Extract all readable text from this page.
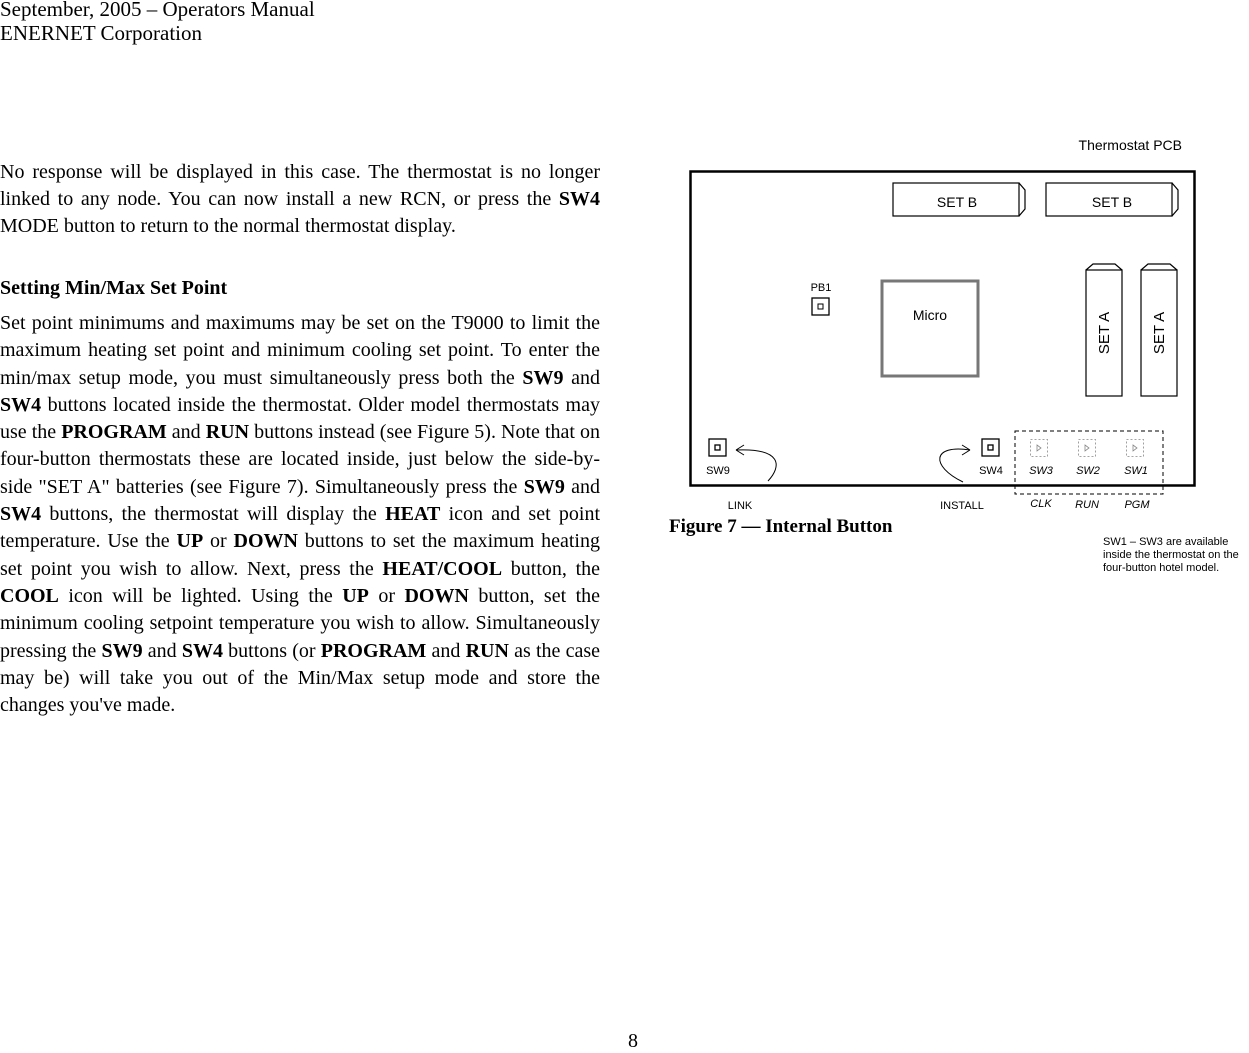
September, 2005 – Operators Manual
ENERNET Corporation
No response will be displayed in this case. The thermostat is no longer linked to any node. You can now install a new RCN, or press the SW4 MODE button to return to the normal thermostat display.
Setting Min/Max Set Point
Set point minimums and maximums may be set on the T9000 to limit the maximum heating set point and minimum cooling set point. To enter the min/max setup mode, you must simultaneously press both the SW9 and SW4 buttons located inside the thermostat. Older model thermostats may use the PROGRAM and RUN buttons instead (see Figure 5). Note that on four-button thermostats these are located inside, just below the side-by-side "SET A" batteries (see Figure 7). Simultaneously press the SW9 and SW4 buttons, the thermostat will display the HEAT icon and set point temperature. Use the UP or DOWN buttons to set the maximum heating set point you wish to allow. Next, press the HEAT/COOL button, the COOL icon will be lighted. Using the UP or DOWN button, set the minimum cooling setpoint temperature you wish to allow. Simultaneously pressing the SW9 and SW4 buttons (or PROGRAM and RUN as the case may be) will take you out of the Min/Max setup mode and store the changes you've made.
Thermostat PCB
SET B	SET B
SET A	SET A
PB1
Micro
SW9	SW4 SW3 SW2 SW1
LINK	INSTALL	CLK RUN PGM
Figure 7 — Internal Button
SW1 – SW3 are available inside the thermostat on the four-button hotel model.
8
